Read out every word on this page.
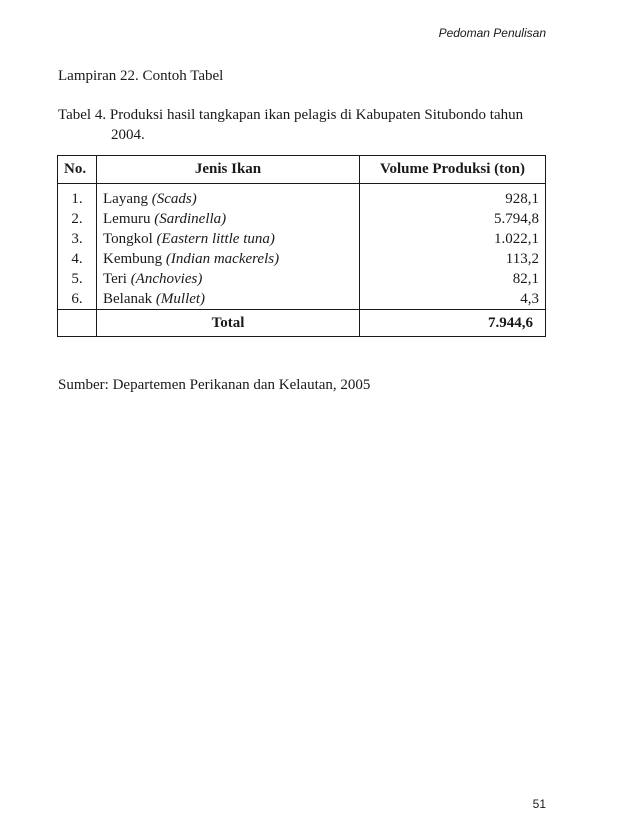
Pedoman Penulisan
Lampiran 22. Contoh Tabel
Tabel 4. Produksi hasil tangkapan ikan pelagis di Kabupaten Situbondo tahun
2004.
No.	Jenis Ikan	Volume Produksi (ton)
1.	Layang (Scads)	928,1
2.	Lemuru (Sardinella)	5.794,8
3.	Tongkol (Eastern little tuna)	1.022,1
4.	Kembung (Indian mackerels)	113,2
5.	Teri (Anchovies)	82,1
6.	Belanak (Mullet)	4,3
	Total	7.944,6
Sumber: Departemen Perikanan dan Kelautan, 2005
51
